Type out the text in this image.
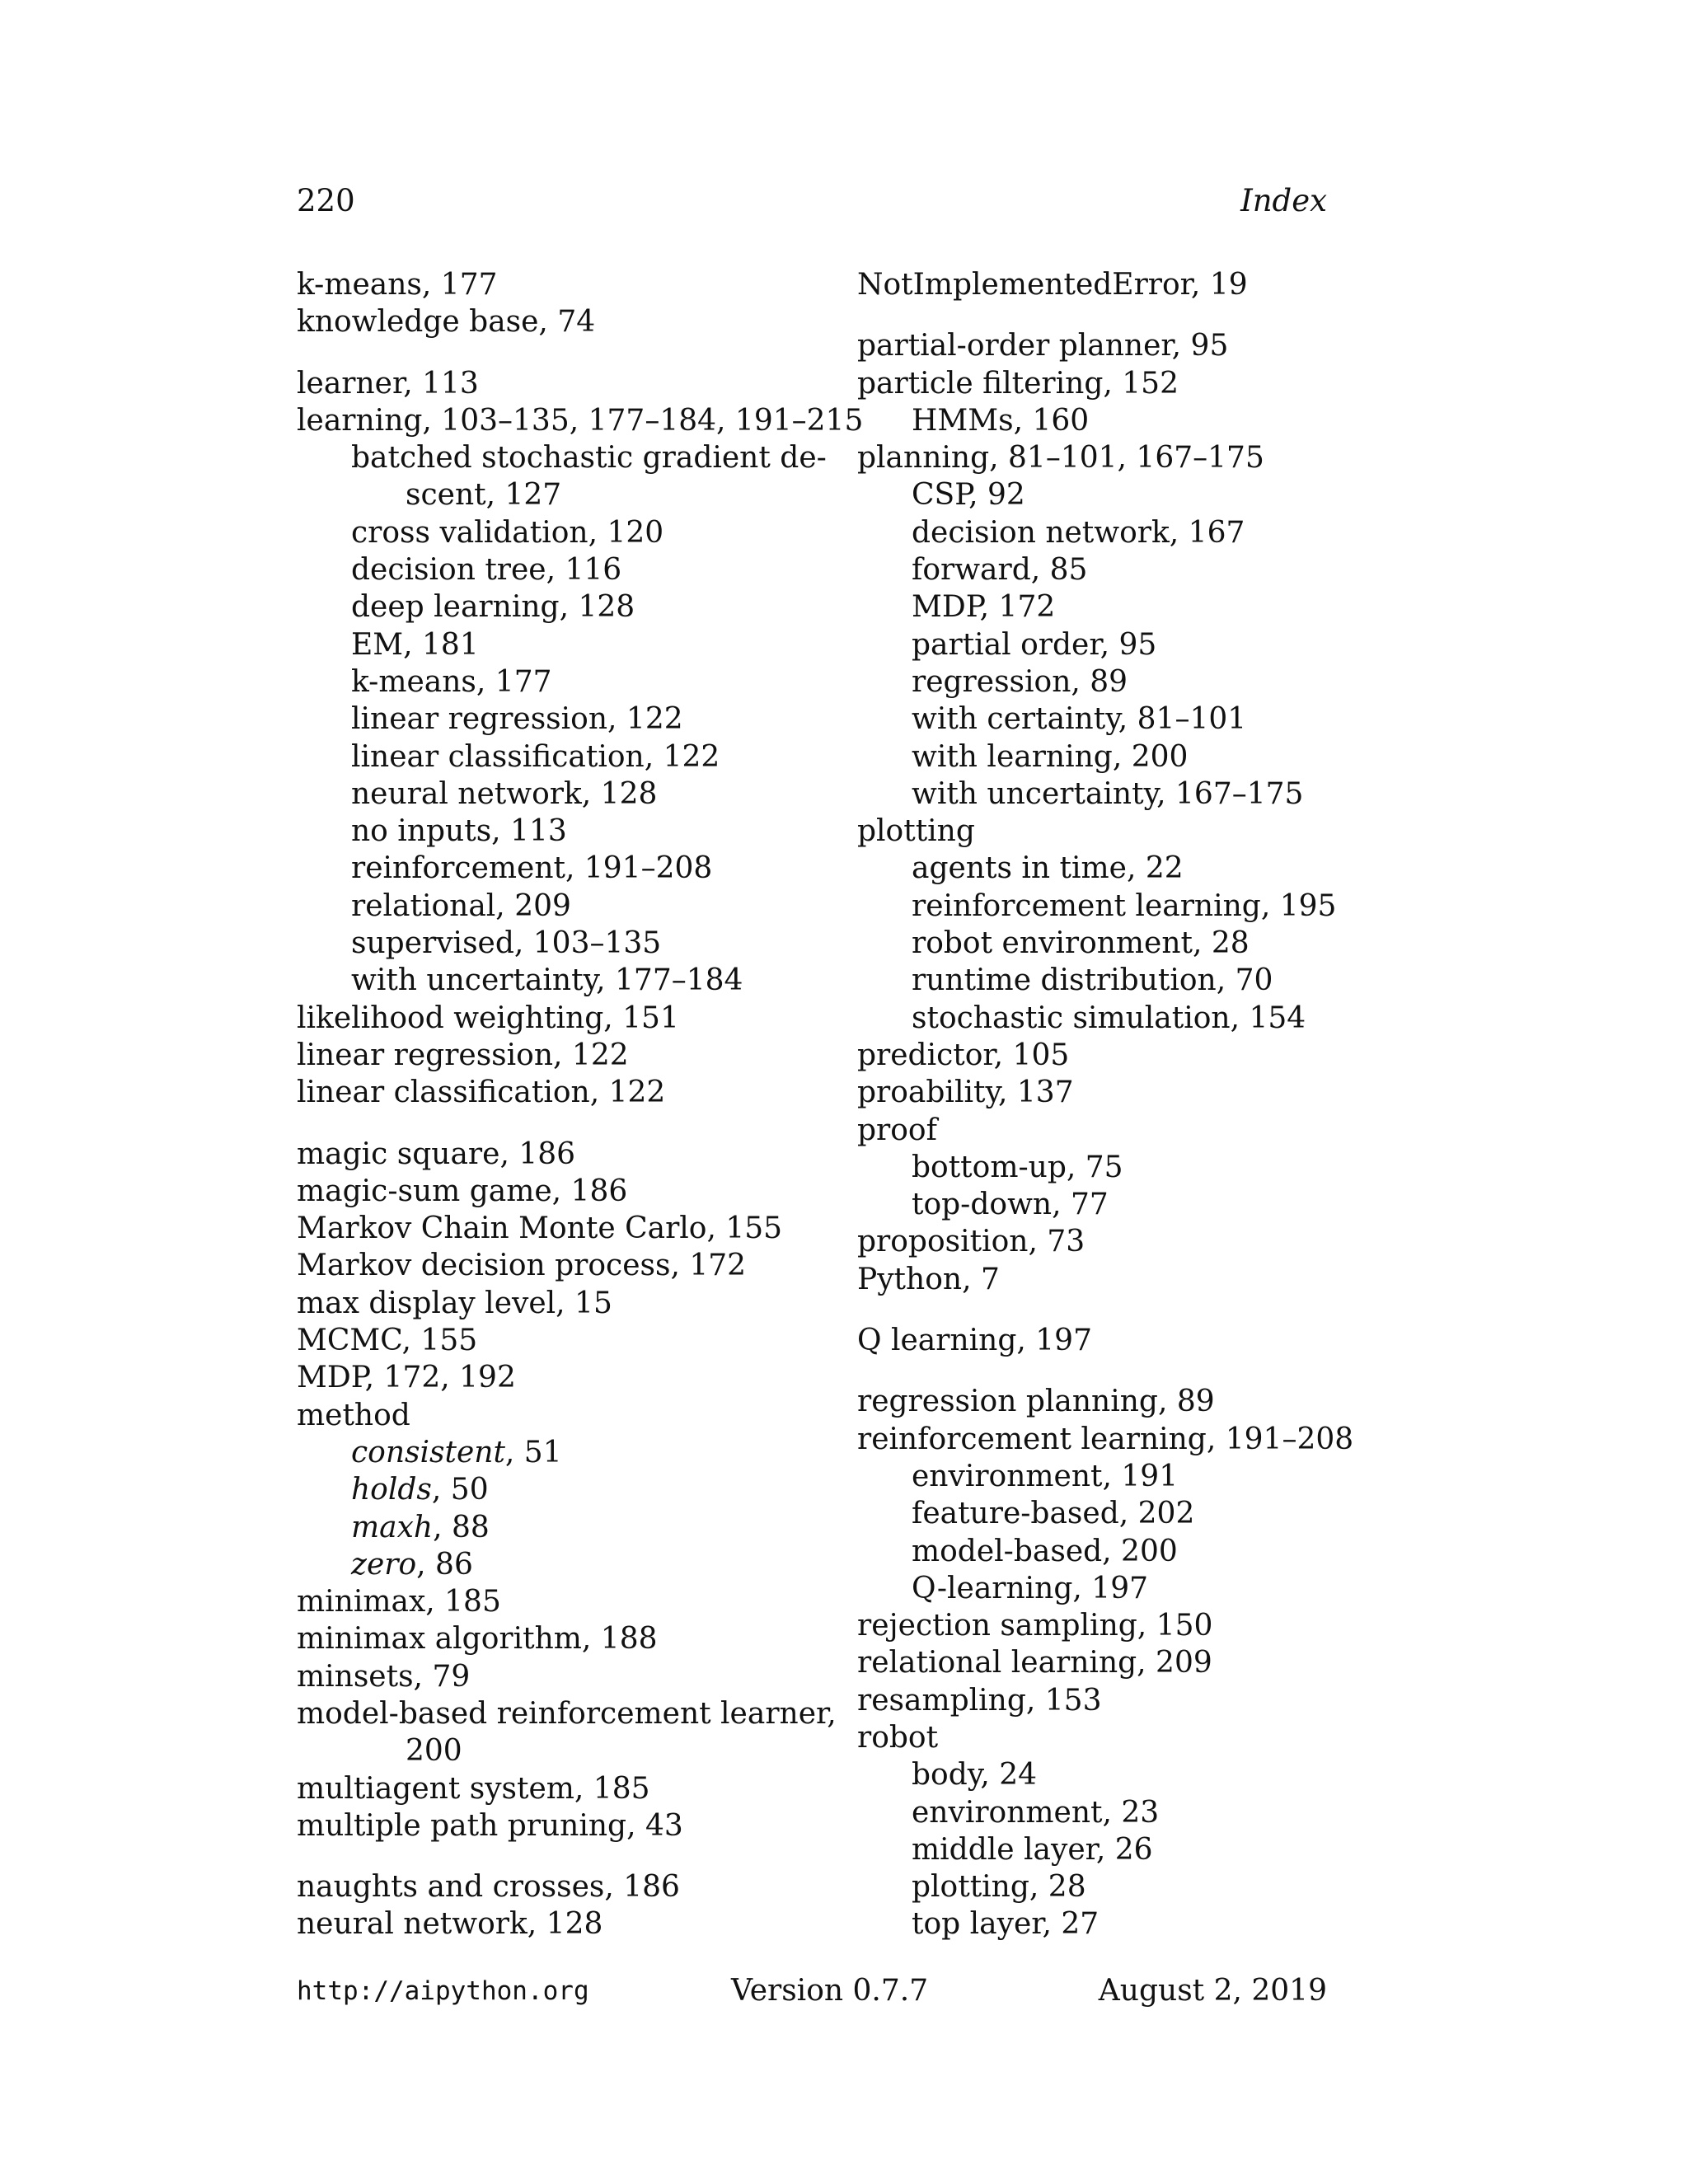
220	Index
k-means, 177
knowledge base, 74
learner, 113
learning, 103–135, 177–184, 191–215
batched stochastic gradient de-
scent, 127
cross validation, 120
decision tree, 116
deep learning, 128
EM, 181
k-means, 177
linear regression, 122
linear classification, 122
neural network, 128
no inputs, 113
reinforcement, 191–208
relational, 209
supervised, 103–135
with uncertainty, 177–184
likelihood weighting, 151
linear regression, 122
linear classification, 122
magic square, 186
magic-sum game, 186
Markov Chain Monte Carlo, 155
Markov decision process, 172
max display level, 15
MCMC, 155
MDP, 172, 192
method
consistent, 51
holds, 50
maxh, 88
zero, 86
minimax, 185
minimax algorithm, 188
minsets, 79
model-based reinforcement learner,
200
multiagent system, 185
multiple path pruning, 43
naughts and crosses, 186
neural network, 128
NotImplementedError, 19
partial-order planner, 95
particle filtering, 152
HMMs, 160
planning, 81–101, 167–175
CSP, 92
decision network, 167
forward, 85
MDP, 172
partial order, 95
regression, 89
with certainty, 81–101
with learning, 200
with uncertainty, 167–175
plotting
agents in time, 22
reinforcement learning, 195
robot environment, 28
runtime distribution, 70
stochastic simulation, 154
predictor, 105
proability, 137
proof
bottom-up, 75
top-down, 77
proposition, 73
Python, 7
Q learning, 197
regression planning, 89
reinforcement learning, 191–208
environment, 191
feature-based, 202
model-based, 200
Q-learning, 197
rejection sampling, 150
relational learning, 209
resampling, 153
robot
body, 24
environment, 23
middle layer, 26
plotting, 28
top layer, 27
http://aipython.org	Version 0.7.7	August 2, 2019
